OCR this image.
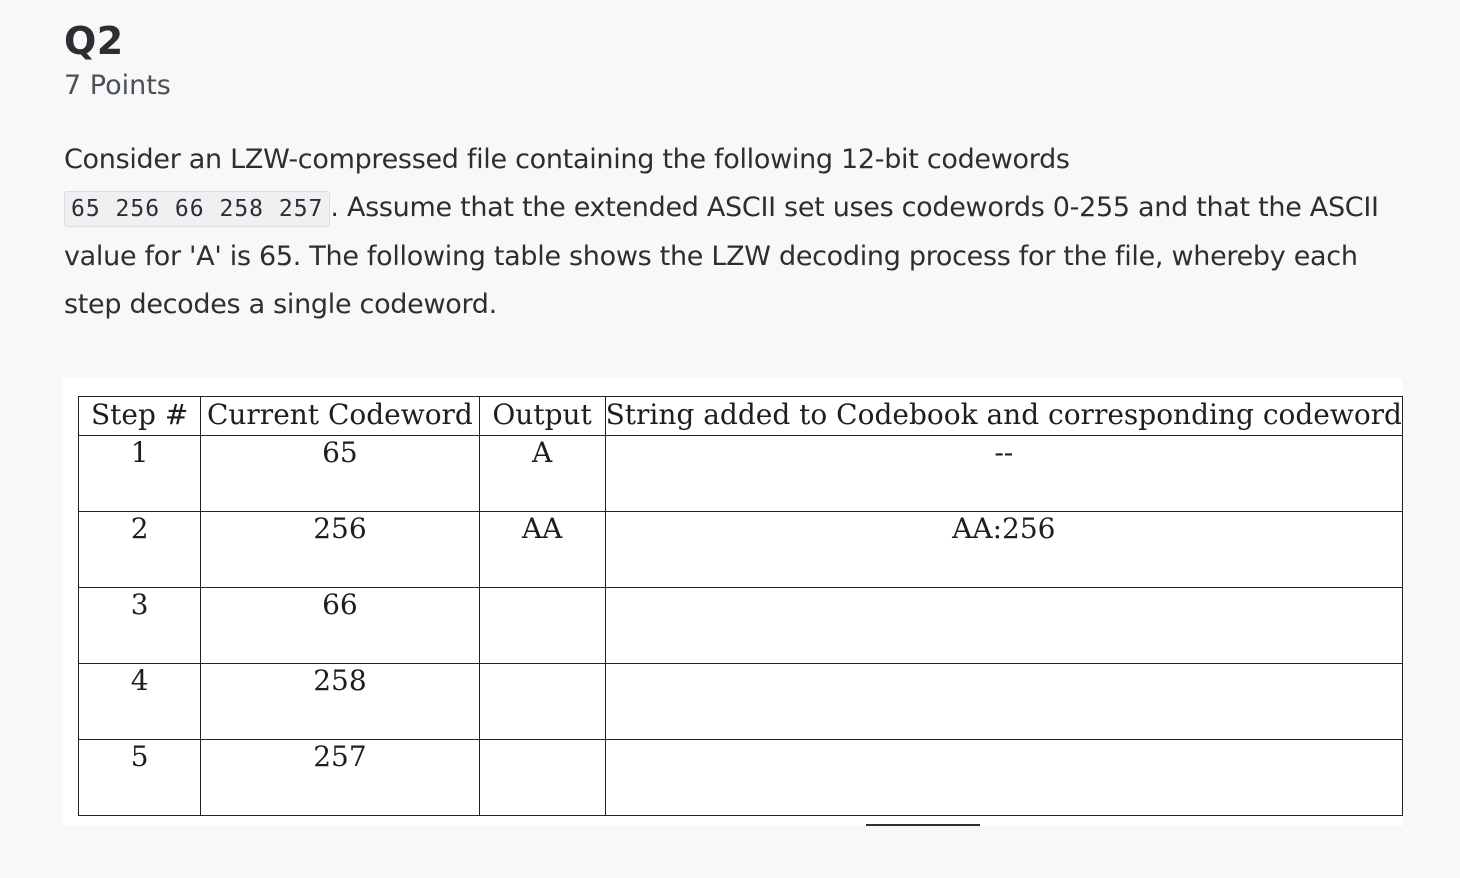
Q2
7 Points
Consider an LZW-compressed file containing the following 12-bit codewords
65 256 66 258 257 . Assume that the extended ASCII set uses codewords 0-255 and that the ASCII value for 'A' is 65. The following table shows the LZW decoding process for the file, whereby each step decodes a single codeword.
Step #	Current Codeword	Output	String added to Codebook and corresponding codeword
1	65	A	--
2	256	AA	AA:256
3	66		
4	258		
5	257		
